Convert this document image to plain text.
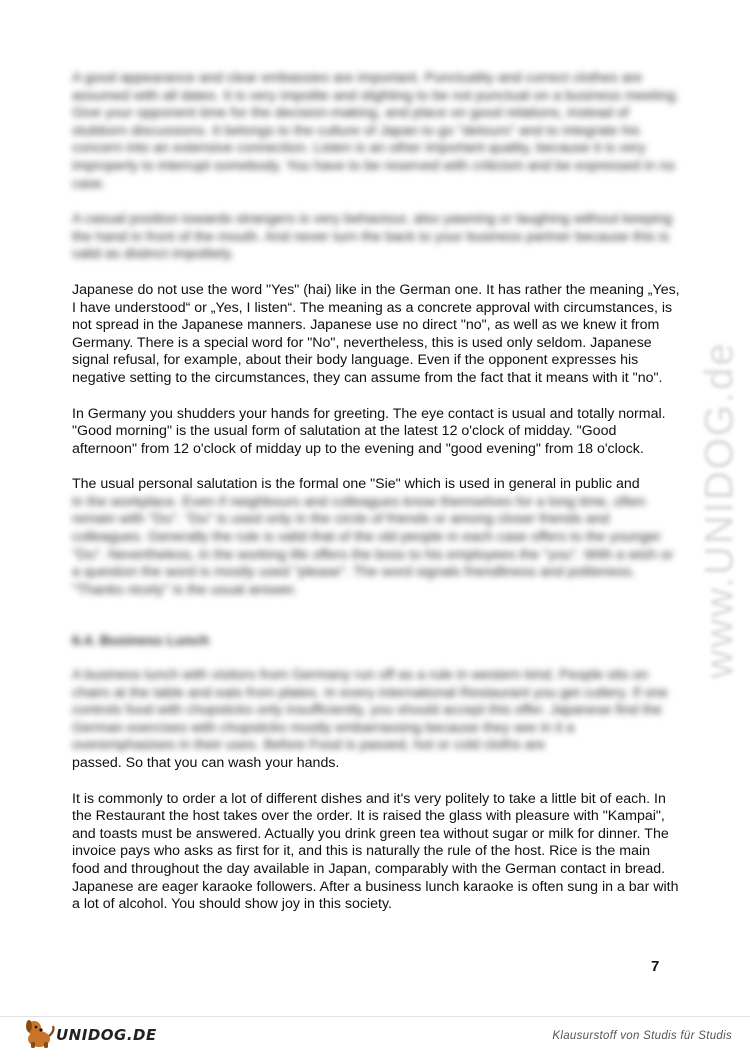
A good appearance and clear embassies are important. Punctuality and correct clothes are assumed with all dates. It is very impolite and slighting to be not punctual on a business meeting. Give your opponent time for the decision-making, and place on good relations, instead of stubborn discussions. It belongs to the culture of Japan to go "detours" and to integrate his concern into an extensive connection. Listen is an other important quality, because it is very improperly to interrupt somebody. You have to be reserved with criticism and be expressed in no case.

A casual position towards strangers is very behaviour, also yawning or laughing without keeping the hand in front of the mouth. And never turn the back to your business partner because this is valid as distinct impolitely.

Japanese do not use the word "Yes" (hai) like in the German one. It has rather the meaning „Yes, I have understood“ or „Yes, I listen“. The meaning as a concrete approval with circumstances, is not spread in the Japanese manners. Japanese use no direct "no", as well as we knew it from Germany. There is a special word for "No", nevertheless, this is used only seldom. Japanese signal refusal, for example, about their body language. Even if the opponent expresses his negative setting to the circumstances, they can assume from the fact that it means with it "no".

In Germany you shudders your hands for greeting. The eye contact is usual and totally normal. "Good morning" is the usual form of salutation at the latest 12 o'clock of midday. "Good afternoon" from 12 o'clock of midday up to the evening and "good evening" from 18 o'clock.

The usual personal salutation is the formal one "Sie" which is used in general in public and

in the workplace. Even if neighbours and colleagues know themselves for a long time, often remain with "Du". "Du" is used only in the circle of friends or among closer friends and colleagues. Generally the rule is valid that of the old people in each case offers to the younger "Du". Nevertheless, in the working life offers the boss to his employees the "you". With a wish or a question the word is mostly used "please". The word signals friendliness and politeness. "Thanks nicely" is the usual answer.

6.4. Business Lunch

A business lunch with visitors from Germany run off as a rule in western kind. People sits on chairs at the table and eats from plates. In every international Restaurant you get cutlery. If one controls food with chopsticks only insufficiently, you should accept this offer. Japanese find the German exercises with chopsticks mostly embarrassing because they see in it a overemphasises in their uses. Before Food is passed, hot or cold cloths are

passed. So that you can wash your hands.

It is commonly to order a lot of different dishes and it's very politely to take a little bit of each. In the Restaurant the host takes over the order. It is raised the glass with pleasure with "Kampai", and toasts must be answered. Actually you drink green tea without sugar or milk for dinner. The invoice pays who asks as first for it, and this is naturally the rule of the host. Rice is the main food and throughout the day available in Japan, comparably with the German contact in bread. Japanese are eager karaoke followers. After a business lunch karaoke is often sung in a bar with a lot of alcohol. You should show joy in this society.

www.UNIDOG.de
7
UNIDOG.DE	Klausurstoff von Studis für Studis
